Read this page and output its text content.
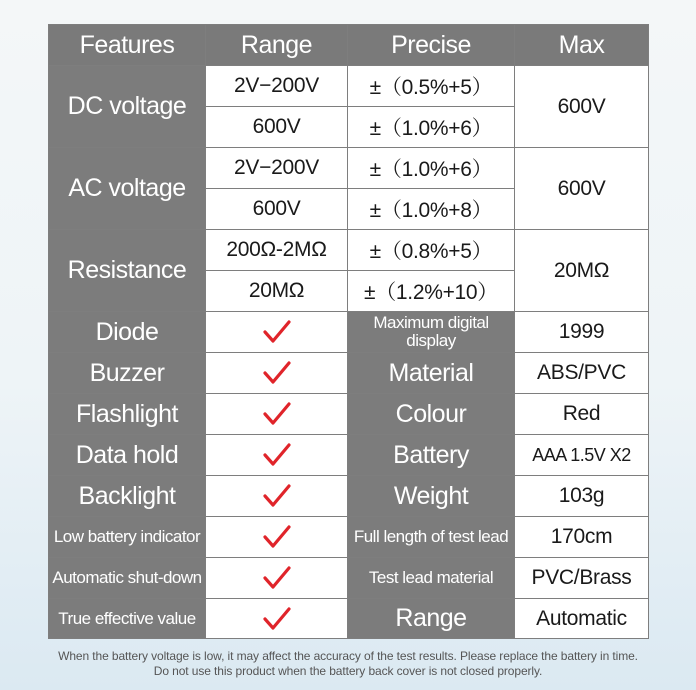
Features	Range	Precise	Max
DC voltage	2V−200V	±（0.5%+5）	600V
	600V	±（1.0%+6）	
AC voltage	2V−200V	±（1.0%+6）	600V
	600V	±（1.0%+8）	
Resistance	200Ω-2MΩ	±（0.8%+5）	20MΩ
	20MΩ	±（1.2%+10）	
Diode		Maximum digital display	1999
Buzzer		Material	ABS/PVC
Flashlight		Colour	Red
Data hold		Battery	AAA 1.5V X2
Backlight		Weight	103g
Low battery indicator		Full length of test lead	170cm
Automatic shut-down		Test lead material	PVC/Brass
True effective value		Range	Automatic
When the battery voltage is low, it may affect the accuracy of the test results. Please replace the battery in time.
Do not use this product when the battery back cover is not closed properly.
